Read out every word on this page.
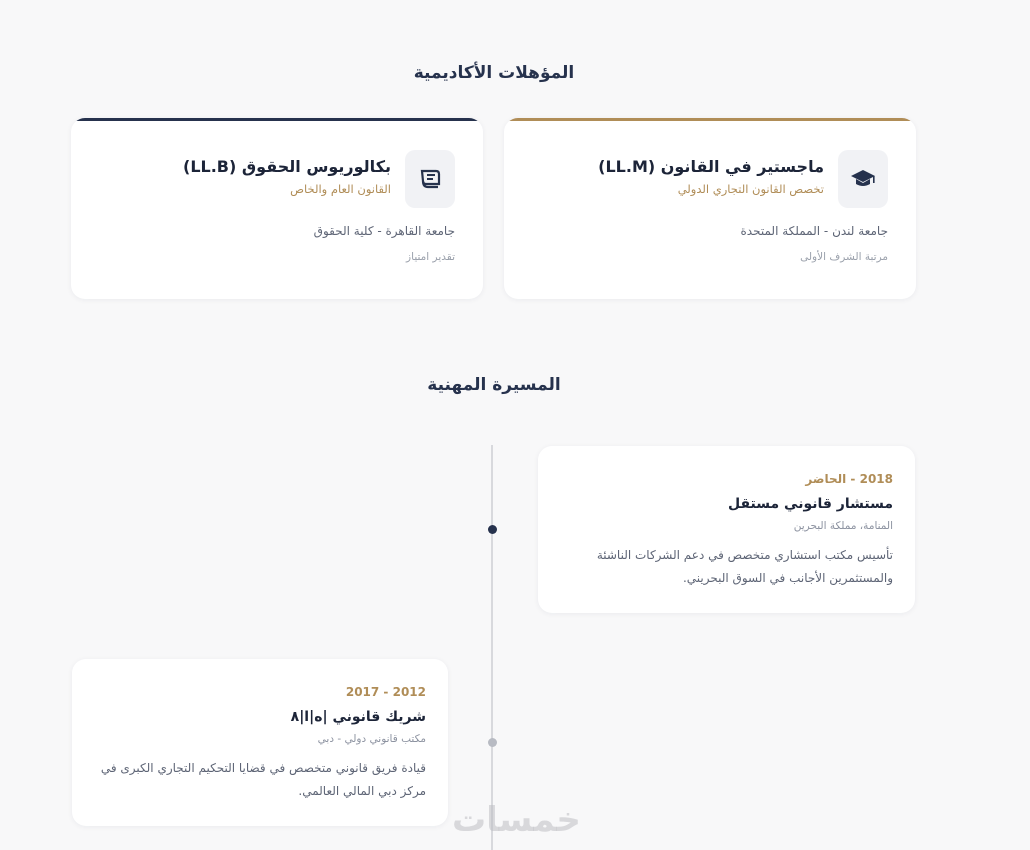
المؤهلات الأكاديمية
ماجستير في القانون (LL.M)
تخصص القانون التجاري الدولي
جامعة لندن - المملكة المتحدة
مرتبة الشرف الأولى
بكالوريوس الحقوق (LL.B)
القانون العام والخاص
جامعة القاهرة - كلية الحقوق
تقدير امتياز
المسيرة المهنية
2018 - الحاضر
مستشار قانوني مستقل
المنامة، مملكة البحرين
تأسيس مكتب استشاري متخصص في دعم الشركات الناشئة والمستثمرين الأجانب في السوق البحريني.
2012 - 2017
شريك قانوني |ه|ا|٨
مكتب قانوني دولي - دبي
قيادة فريق قانوني متخصص في قضايا التحكيم التجاري الكبرى في مركز دبي المالي العالمي.
خمسات
